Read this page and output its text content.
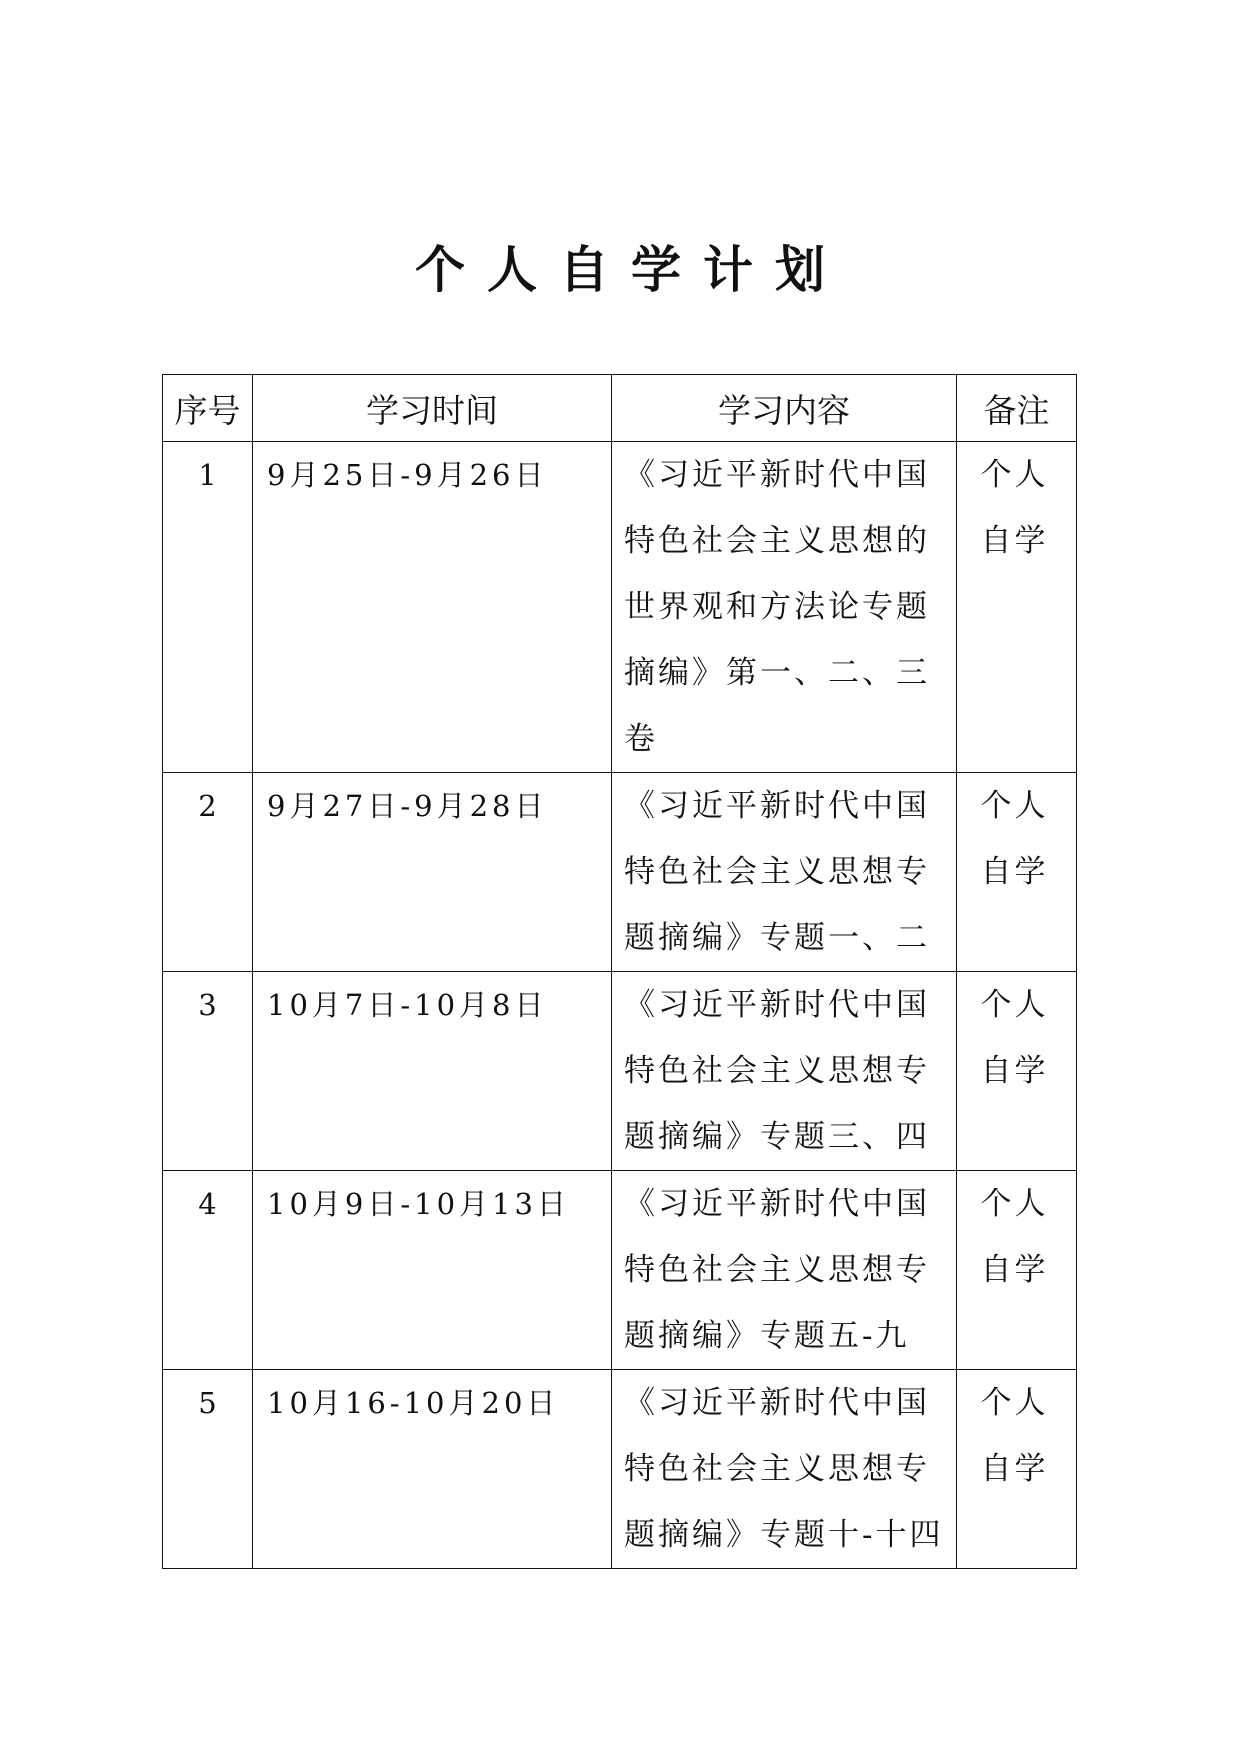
个人自学计划
序号	学习时间	学习内容	备注
1	9月25日-9月26日	《习近平新时代中国特色社会主义思想的世界观和方法论专题摘编》第一、二、三卷	个人自学
2	9月27日-9月28日	《习近平新时代中国特色社会主义思想专题摘编》专题一、二	个人自学
3	10月7日-10月8日	《习近平新时代中国特色社会主义思想专题摘编》专题三、四	个人自学
4	10月9日-10月13日	《习近平新时代中国特色社会主义思想专题摘编》专题五-九	个人自学
5	10月16-10月20日	《习近平新时代中国特色社会主义思想专题摘编》专题十-十四	个人自学
